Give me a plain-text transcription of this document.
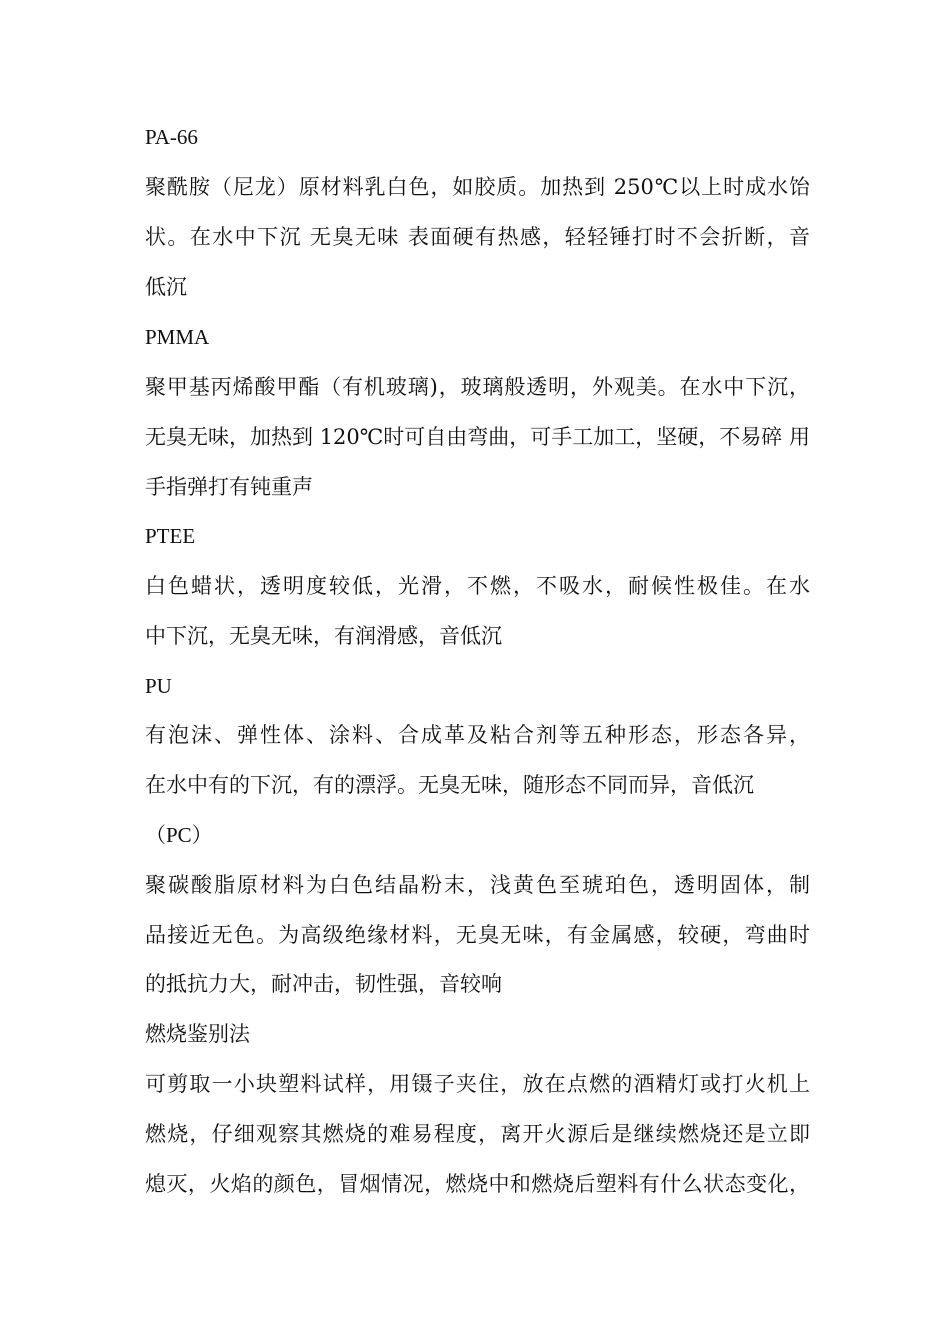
PA-66
聚酰胺（尼龙）原材料乳白色，如胶质。加热到 250℃以上时成水饴
状。在水中下沉 无臭无味 表面硬有热感，轻轻锤打时不会折断，音
低沉
PMMA
聚甲基丙烯酸甲酯（有机玻璃)，玻璃般透明，外观美。在水中下沉，
无臭无味，加热到 120℃时可自由弯曲，可手工加工，坚硬，不易碎 用
手指弹打有钝重声
PTEE
白色蜡状，透明度较低，光滑，不燃，不吸水，耐候性极佳。在水
中下沉，无臭无味，有润滑感，音低沉
PU
有泡沫、弹性体、涂料、合成革及粘合剂等五种形态，形态各异，
在水中有的下沉，有的漂浮。无臭无味，随形态不同而异，音低沉
（PC）
聚碳酸脂原材料为白色结晶粉末，浅黄色至琥珀色，透明固体，制
品接近无色。为高级绝缘材料，无臭无味，有金属感，较硬，弯曲时
的抵抗力大，耐冲击，韧性强，音较响
燃烧鉴别法
可剪取一小块塑料试样，用镊子夹住，放在点燃的酒精灯或打火机上
燃烧，仔细观察其燃烧的难易程度，离开火源后是继续燃烧还是立即
熄灭，火焰的颜色，冒烟情况，燃烧中和燃烧后塑料有什么状态变化，
